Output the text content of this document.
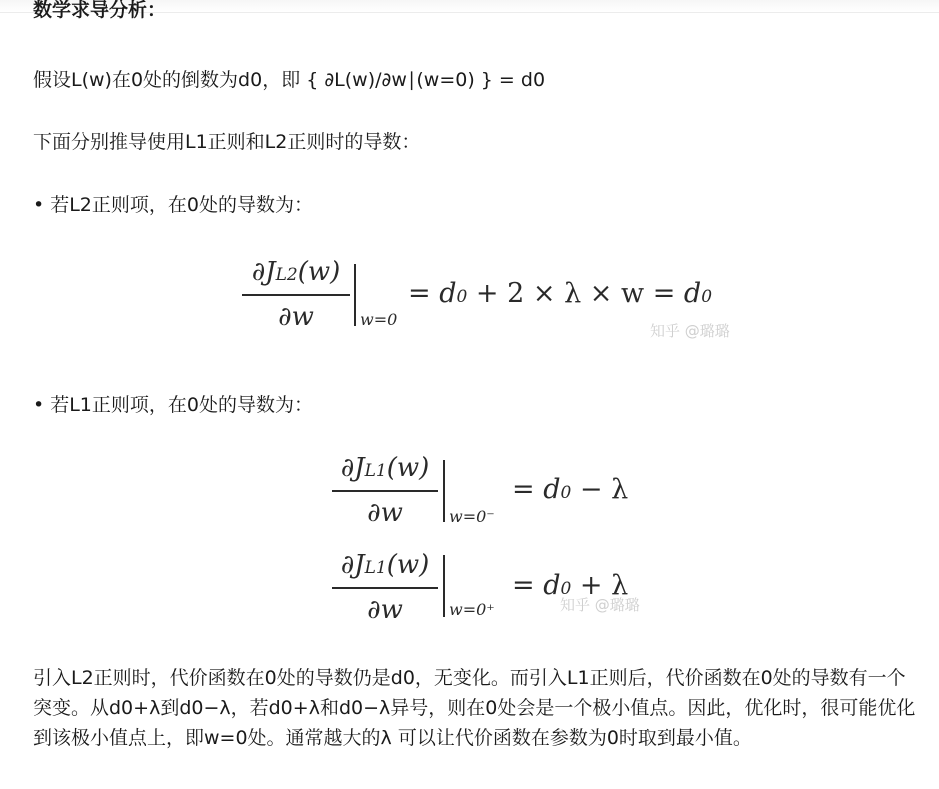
数学求导分析：

假设L(w)在0处的倒数为d0，即 { ∂L(w)/∂w∣(w=0) } = d0

下面分别推导使用L1正则和L2正则时的导数：

• 若L2正则项，在0处的导数为：
∂JL2(w)
∂w	w=0
= d0 + 2 × λ × w = d0
知乎 @璐璐
• 若L1正则项，在0处的导数为：
∂JL1(w)
∂w	w=0⁻
= d0 − λ
∂JL1(w)
∂w	w=0⁺
= d0 + λ
知乎 @璐璐

引入L2正则时，代价函数在0处的导数仍是d0，无变化。而引入L1正则后，代价函数在0处的导数有一个突变。从d0+λ到d0−λ，若d0+λ和d0−λ异号，则在0处会是一个极小值点。因此，优化时，很可能优化到该极小值点上，即w=0处。通常越大的λ 可以让代价函数在参数为0时取到最小值。
